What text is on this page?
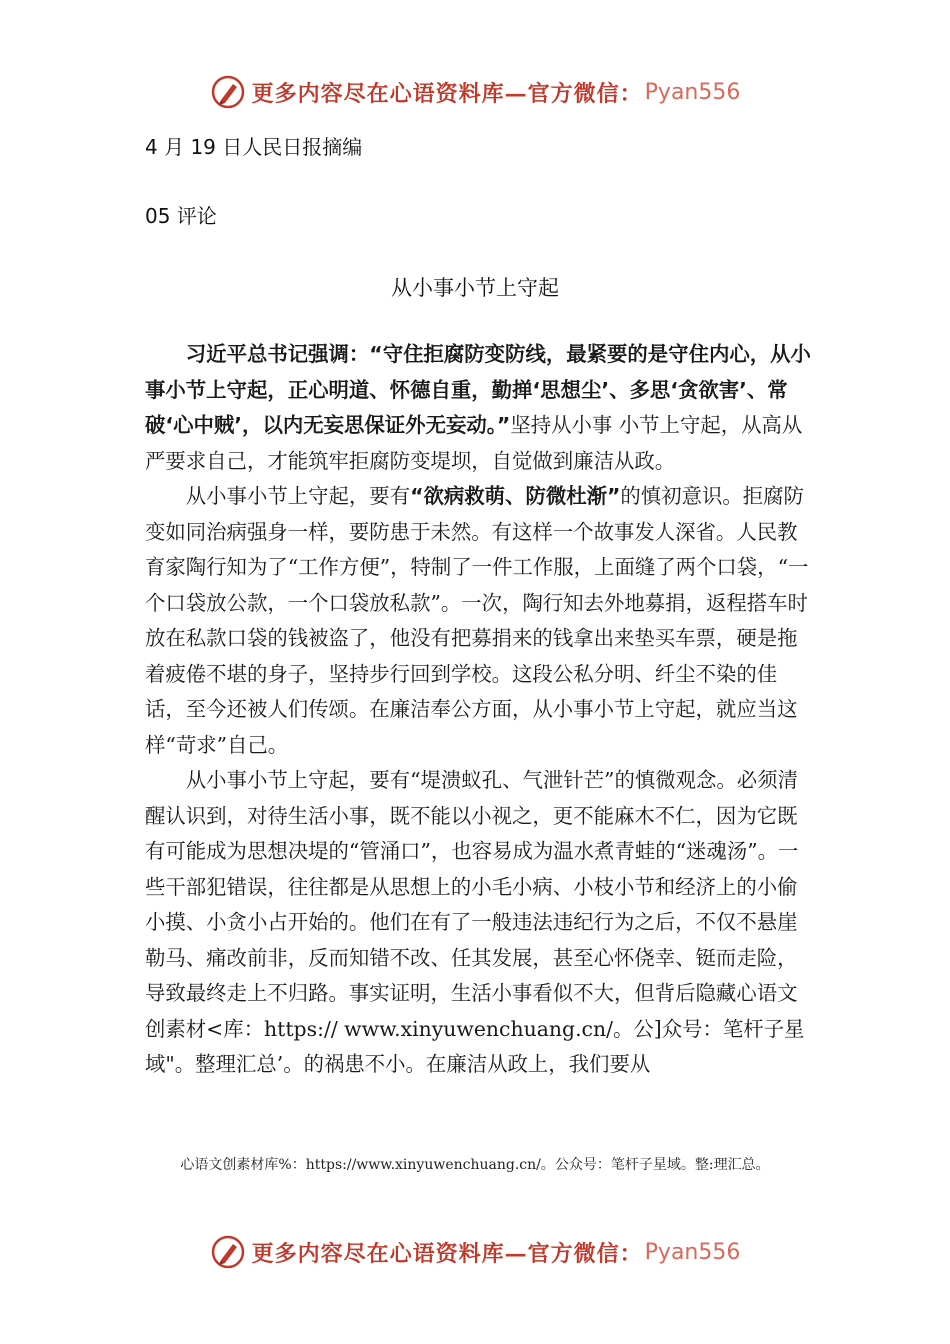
更多内容尽在心语资料库—官方微信： Pyan556
4 月 19 日人民日报摘编
05 评论
从小事小节上守起

习近平总书记强调：“守住拒腐防变防线，最紧要的是守住内心，从小事小节上守起，正心明道、怀德自重，勤掸‘思想尘’、多思‘贪欲害’、常破‘心中贼’，以内无妄思保证外无妄动。”坚持从小事 小节上守起，从高从严要求自己，才能筑牢拒腐防变堤坝，自觉做到廉洁从政。

从小事小节上守起，要有“欲病救萌、防微杜渐”的慎初意识。拒腐防变如同治病强身一样，要防患于未然。有这样一个故事发人深省。人民教育家陶行知为了“工作方便”，特制了一件工作服，上面缝了两个口袋，“一个口袋放公款，一个口袋放私款”。一次，陶行知去外地募捐，返程搭车时放在私款口袋的钱被盗了，他没有把募捐来的钱拿出来垫买车票，硬是拖着疲倦不堪的身子，坚持步行回到学校。这段公私分明、纤尘不染的佳话，至今还被人们传颂。在廉洁奉公方面，从小事小节上守起，就应当这样“苛求”自己。

从小事小节上守起，要有“堤溃蚁孔、气泄针芒”的慎微观念。必须清醒认识到，对待生活小事，既不能以小视之，更不能麻木不仁，因为它既有可能成为思想决堤的“管涌口”，也容易成为温水煮青蛙的“迷魂汤”。一些干部犯错误，往往都是从思想上的小毛小病、小枝小节和经济上的小偷小摸、小贪小占开始的。他们在有了一般违法违纪行为之后，不仅不悬崖勒马、痛改前非，反而知错不改、任其发展，甚至心怀侥幸、铤而走险，导致最终走上不归路。事实证明，生活小事看似不大，但背后隐藏心语文创素材<库：https:// www.xinyuwenchuang.cn/。公]众号：笔杆子星域"。整理汇总’。的祸患不小。在廉洁从政上，我们要从

心语文创素材库%：https://www.xinyuwenchuang.cn/。公众号：笔杆子星域。整:理汇总。
更多内容尽在心语资料库—官方微信： Pyan556
